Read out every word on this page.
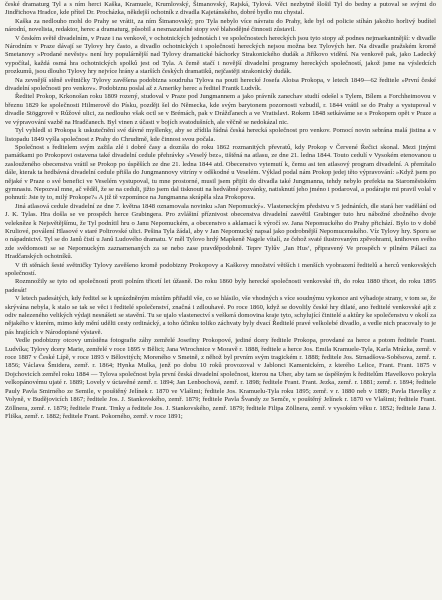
české dramaturg Tyl a s ním herci Kaška, Kramuele, Krumlovský, Šimanovský, Rajská, Tylová. Věci nezbytně šlošil Tyl do bedny a putoval se svými do Jindřichova Hradce, kde přítel Dr. Procházka, někdejší ochotník z divadla Kajetánského, dobré bydlo mu chystal.

Kaška za nedlouho mohl do Prahy se vrátit, za ním Šimanovský; pro Tyla nebylo více návratu do Prahy, kde byl od policie stíhán jakožto horlivý budítel národní, novelista, redaktor, herec a dramaturg, působil a nesmazatelné stopy své blahodějné činnosti zůstavil.

V českém světě divadelním, v Praze i na venkově, v ochotnických jednotách i ve společnostech hereckých jsou tyto stopy až podnes nejmarkantnější: v divadle Národním v Praze dávají se Tylovy hry často, a divadlo ochotnických i společností hereckých nejsou možna bez Tylových her. Na divadle pražském kromě Smetanovy »Prodané nevěsty« není hry populárnější nad Tylovy dramatické báchorky Strakonického dudák a Jiříkovo vidění. Na venkově pak, jako Ladecký vypočítal, každá osmá hra ochotnických spolků jest od Tyla. A čemě stačí i novější divadelní programy hereckých společností, jakož jsme na výsledcích prozkumů, jsou dlouho Tylovy hry nejvíce hrány a starších českých dramatiků, nejčastěji strakonický dudák.

Na zevnější stěně světničky Tylovy zavěšena podobizna soudruha Tylova na pouti herecké Josefa Aloisa Prokopa, v letech 1849—62 ředitele »První české divadelní společnosti pro venkov«. Podobiznu poslal až z Ameriky herec a ředitel Frantk Ludvík.

Ředitel Prokop, Krkonošan roku 1809 rozený, studoval v Praze pod Jungmannem a jako právník zanechav studií odešel s Tylem, Bílem a Forchheimovou v březnu 1829 ke společnosti Hilmerově do Písku, později šel do Německa, kde svým barytonem pozornosti vzbudil, r. 1844 vrátil se do Prahy a vystupoval v divadle Stöggrově v Růžové ulici, za nedlouho však octl se v Brémách, pak v Drážďanech a ve Vratislavi. Rokem 1848 setkáváme se s Prokopem opět v Praze a ve výpravování vazbě na Hradčanech. Byl vinen z účasti v bojích svatodušních, ale věčně se nedokázal nic.

Tyl vyhledl si Prokopa k uskutečnění své dávné myšlenky, aby se zřídila řádná česká herecká společnost pro venkov. Pomocí novin sebrána malá jistina a v listopadu 1849 vyšla společnost z Prahy do Chrudimě, kde činnost svou počala.

Společnost s ředitelem svým zažila zlé i dobré časy a dozrála do roku 1862 rozmanitých převratů, kdy Prokop v Červené Řečici skonal. Mezi jinými památkami po Prokopovi ostavena také divadelní cedule přehrávky »Veselý bez«, tištěná na atlasu, ze dne 21. ledna 1844. Touto cedulí v Vysokém etenovanou u zaslouženého obecenstva vrátil se Prokop po úspěších ze dne 21. ledna 1844 atd. Obecenstvo vytemutí k, čemu asi ten atlasový program divadelní. A přemítalo dále, kterak ta hedbávná divadelní cedule přišla do Jungmannovy vitríny v odškodné u Veselém. Výklad podal nám Prokop jedej těto výpravování: »Když jsem po nějaké v Praze o své benefici ve Veselém vystupoval, tu mne prostorné, musil jsem přijíti do divadla také Jungmanna, tehdy nebylo prefekta na Staroměstském gymnasiu. Nepozval mne, ač věděl, že se na ceduli, jižto jsem dal tisknouti na hedvábné pozvánky, natisknutí jeho jméno i podaroval, a podárajte mi pravil volal v pohnutí: Jste ty to, milý Prokope?« A již tě vzpomínce na Jungmanna skrápěla slza Prokopova.

Jiná atlasová cedule divadelní ze dne 7. května 1848 oznamovala novinku »Jan Nepomucký«. Vlasteneckým předstvu v 5 jednáních, dle stará her vadělání od J. K. Tylas. Hra došla se ve prospěch herce Grabingera. Pro zvláštní příznivost obecenstva divadelní zasvětil Grabinger tuto hru nábožné zbožného dvoje velekněze k Nejsvětějšímu, že Tyl podnítil hru o Janu Nepomuckém, a obecenstvo s aklamací k výročí sv. Jana Nepomuckého do Prahy přichází. Bylo to v době Kruliové, poválení Hlasové v staré Poltrovské ulici. Pešina Tyla žádal, aby v Jan Nepomucký napsal jako podrobnější Nepomucenského. Víz Tylovy hry. Sporu se o nápadnictví. Tyl se do Janů čistí u Janů Ludového dramatu. V měl Tylovo hrdý Mapkeně Nagele vítalí, ze čehož svaté ilustrovaným zpěvohrami, knihoven svého zde svědomosti se se Nepomuckým zaznamenaných za se nebo zase pravděpodobně. Teprv Tylův ‚Jan Hus‘, připravený Ve prospěch v pilném Pálaci za Hradčanských ochotníků.

V tři stěnách šesté světničky Tylovy zavěšeno kromě podobizny Prokopovy a Kaškovy množství větších i menších vyobrazení ředitelů a herců venkovských společností.

Rozmnožily se tyto od společností proti polním třicetí let úžasně. Do roku 1860 byly herecké společnosti venkovské tři, do roku 1880 třicet, do roku 1895 padesát!

V letech padesátých, kdy ředitel se k uprázdněným místům přiřadil vše, co se hlásilo, vše vhodných s více soudnýmu vykonce ani výhadoje strany, v tom se, že skrývána nebyla, k stalo se tak se věci i ředitelé společenství, značná i zdlouhavé. Po roce 1860, když se dovolily české hry dilaté, ano ředitelé venkovské ajít z odiv nalezeného velikých výdaji nesnášeti se stavění. Tu se ujalo vlastenectví s veškerá domovina kraje tyto, schylující činitelé a aktůry ke společenstvu v okolí za nějakého v kterém, mimo kdy mění udělti cesty ordinácký, a toho účinku toliko záchvaty byly dvací Ředitelé pravé velkolebé divadlo, a vedle nich pracovaly to je pás hrajících v Národopisné výstavě.

Vedle podobizny otcovy umístěna fotografie záhy zemřelé Josefiny Prokopové, jediné dcery ředitele Prokopa, provdané za herce a potom ředitele Frant. Ludvíka; Tylovy dcery Marie, zemřelé v roce 1895 v Bělici; Jana Wirochnice v Moravě r. 1888, ředitele a herce Jos. Emila Kramuele-Tyla, Karla Mrázka, zemř. v roce 1887 v České Lípě, v roce 1893 v Bělovitých; Moreného v Smetně, z něhož byl prvním svým tragickém r. 1888; ředitele Jos. Strnadšova-Soběsova, zemř. r. 1856; Václava Šmidera, zemř. r. 1864; Hynka Mulka, jenž po dobu 10 roků provozoval v Jablonci Kamenickém, z kterého Lelice, Frant. Frant. 1875 v Dojchovicích zemřel roku 1884 — Tylova společnost byla první česká divadelní společnost, kterou na Uher, aby tam se úspěšným k ředitelům Havelkovo pokryla velkopánovému ujaté r. 1889; Lovely v úctavěné zemř. r. 1894; Jan Lenbochová, zemř. r. 1898; ředitele Frant. Frant. Jezka, zemř. r. 1881; zemř. r. 1894; ředitele Pauly Pavla Smirného ze Semile, v pouštěný Jelínek r. 1870 ve Vlašimi; ředitele Jos. Kramuelu-Tyla roku 1895; zemř. v r. 1880 neb v 1889; Pavla Havelky z Volyně, v Budějovicích 1867; ředitele Jos. J. Stankovského, zemř. 1879; ředitele Pavla Švandy ze Semče, v pouštěný Jelínek r. 1870 ve Vlašimi; ředitele Frant. Zöllnera, zemř. r. 1879; ředitele Frant. Trnky a ředitele Jos. J. Stankovského, zemř. 1879; ředitele Filipa Zöllnera, zemř. v vysokém věku r. 1852; ředitele Jana J. Fliška, zemř. r. 1882; ředitele Frant. Pokorného, zemř. v roce 1891;
